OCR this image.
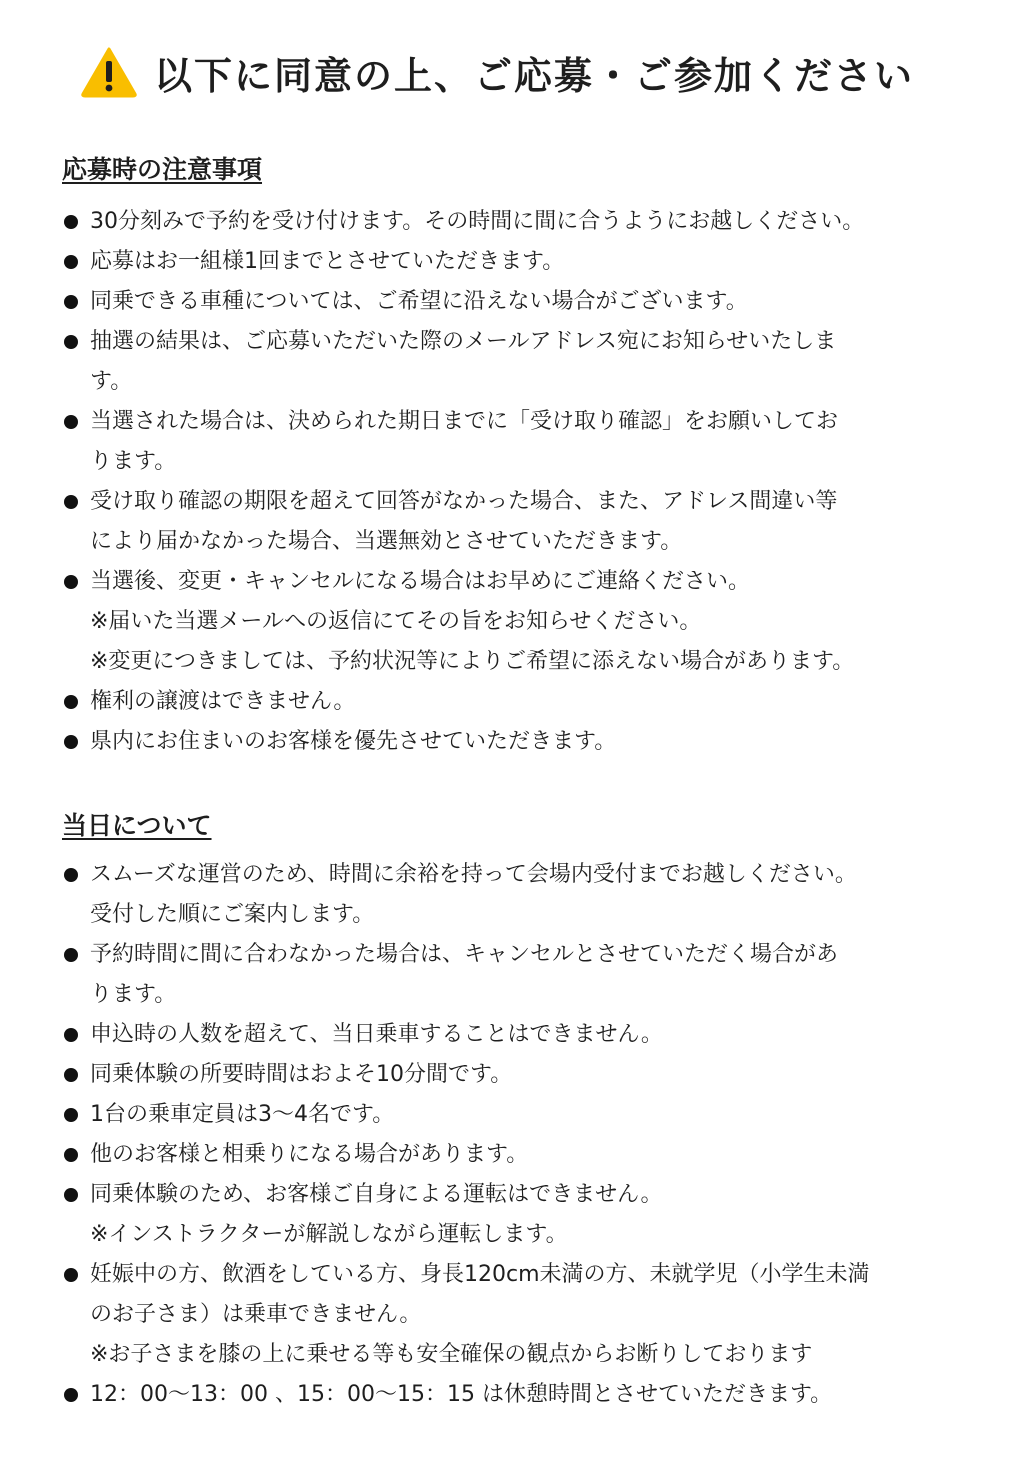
以下に同意の上、ご応募・ご参加ください
応募時の注意事項
30分刻みで予約を受け付けます。その時間に間に合うようにお越しください。
応募はお一組様1回までとさせていただきます。
同乗できる車種については、ご希望に沿えない場合がございます。
抽選の結果は、ご応募いただいた際のメールアドレス宛にお知らせいたしま
す。
当選された場合は、決められた期日までに「受け取り確認」をお願いしてお
ります。
受け取り確認の期限を超えて回答がなかった場合、また、アドレス間違い等
により届かなかった場合、当選無効とさせていただきます。
当選後、変更・キャンセルになる場合はお早めにご連絡ください。
※届いた当選メールへの返信にてその旨をお知らせください。
※変更につきましては、予約状況等によりご希望に添えない場合があります。
権利の譲渡はできません。
県内にお住まいのお客様を優先させていただきます。
当日について
スムーズな運営のため、時間に余裕を持って会場内受付までお越しください。
受付した順にご案内します。
予約時間に間に合わなかった場合は、キャンセルとさせていただく場合があ
ります。
申込時の人数を超えて、当日乗車することはできません。
同乗体験の所要時間はおよそ10分間です。
1台の乗車定員は3～4名です。
他のお客様と相乗りになる場合があります。
同乗体験のため、お客様ご自身による運転はできません。
※インストラクターが解説しながら運転します。
妊娠中の方、飲酒をしている方、身長120cm未満の方、未就学児（小学生未満
のお子さま）は乗車できません。
※お子さまを膝の上に乗せる等も安全確保の観点からお断りしております
12：00～13：00 、15：00～15：15 は休憩時間とさせていただきます。
